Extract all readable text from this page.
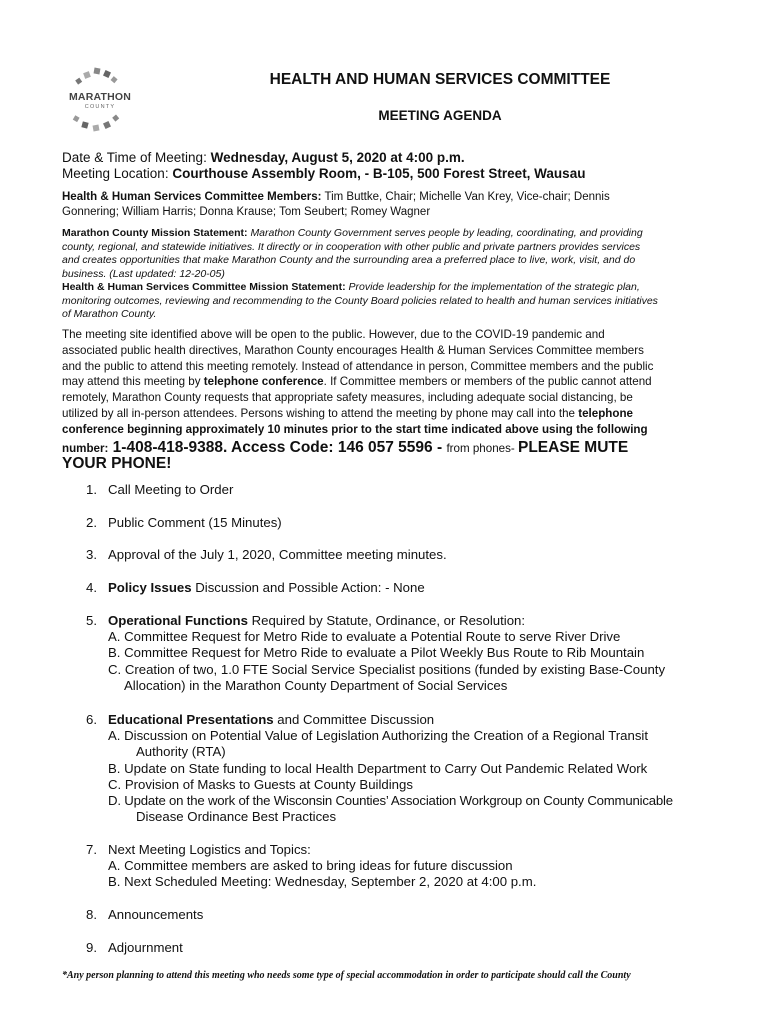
MARATHON
COUNTY
HEALTH AND HUMAN SERVICES COMMITTEE
MEETING AGENDA
Date & Time of Meeting: Wednesday, August 5, 2020 at 4:00 p.m.
Meeting Location: Courthouse Assembly Room, - B-105, 500 Forest Street, Wausau
Health & Human Services Committee Members: Tim Buttke, Chair; Michelle Van Krey, Vice-chair; Dennis
Gonnering; William Harris; Donna Krause; Tom Seubert; Romey Wagner
Marathon County Mission Statement: Marathon County Government serves people by leading, coordinating, and providing
county, regional, and statewide initiatives. It directly or in cooperation with other public and private partners provides services
and creates opportunities that make Marathon County and the surrounding area a preferred place to live, work, visit, and do
business. (Last updated: 12-20-05)
Health & Human Services Committee Mission Statement: Provide leadership for the implementation of the strategic plan,
monitoring outcomes, reviewing and recommending to the County Board policies related to health and human services initiatives
of Marathon County.
The meeting site identified above will be open to the public. However, due to the COVID-19 pandemic and
associated public health directives, Marathon County encourages Health & Human Services Committee members
and the public to attend this meeting remotely. Instead of attendance in person, Committee members and the public
may attend this meeting by telephone conference. If Committee members or members of the public cannot attend
remotely, Marathon County requests that appropriate safety measures, including adequate social distancing, be
utilized by all in-person attendees. Persons wishing to attend the meeting by phone may call into the telephone
conference beginning approximately 10 minutes prior to the start time indicated above using the following
number: 1-408-418-9388. Access Code: 146 057 5596 - from phones- PLEASE MUTE
YOUR PHONE!
1. Call Meeting to Order
2. Public Comment (15 Minutes)
3. Approval of the July 1, 2020, Committee meeting minutes.
4. Policy Issues Discussion and Possible Action: - None
5. Operational Functions Required by Statute, Ordinance, or Resolution:
A. Committee Request for Metro Ride to evaluate a Potential Route to serve River Drive
B. Committee Request for Metro Ride to evaluate a Pilot Weekly Bus Route to Rib Mountain
C. Creation of two, 1.0 FTE Social Service Specialist positions (funded by existing Base-County
Allocation) in the Marathon County Department of Social Services
6. Educational Presentations and Committee Discussion
A. Discussion on Potential Value of Legislation Authorizing the Creation of a Regional Transit
Authority (RTA)
B. Update on State funding to local Health Department to Carry Out Pandemic Related Work
C. Provision of Masks to Guests at County Buildings
D. Update on the work of the Wisconsin Counties’ Association Workgroup on County Communicable
Disease Ordinance Best Practices
7. Next Meeting Logistics and Topics:
A. Committee members are asked to bring ideas for future discussion
B. Next Scheduled Meeting: Wednesday, September 2, 2020 at 4:00 p.m.
8. Announcements
9. Adjournment
*Any person planning to attend this meeting who needs some type of special accommodation in order to participate should call the County
